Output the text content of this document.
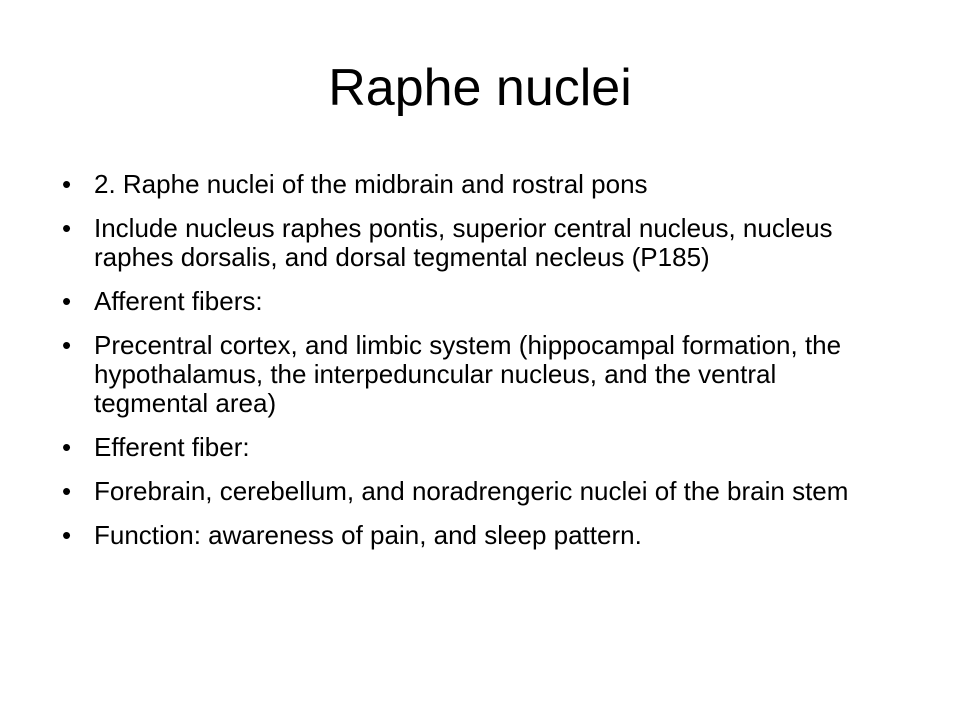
Raphe nuclei
• 2. Raphe nuclei of the midbrain and rostral pons
• Include nucleus raphes pontis, superior central nucleus, nucleus raphes dorsalis, and dorsal tegmental necleus (P185)
• Afferent fibers:
• Precentral cortex, and limbic system (hippocampal formation, the hypothalamus, the interpeduncular nucleus, and the ventral tegmental area)
• Efferent fiber:
• Forebrain, cerebellum, and noradrengeric nuclei of the brain stem
• Function: awareness of pain, and sleep pattern.
